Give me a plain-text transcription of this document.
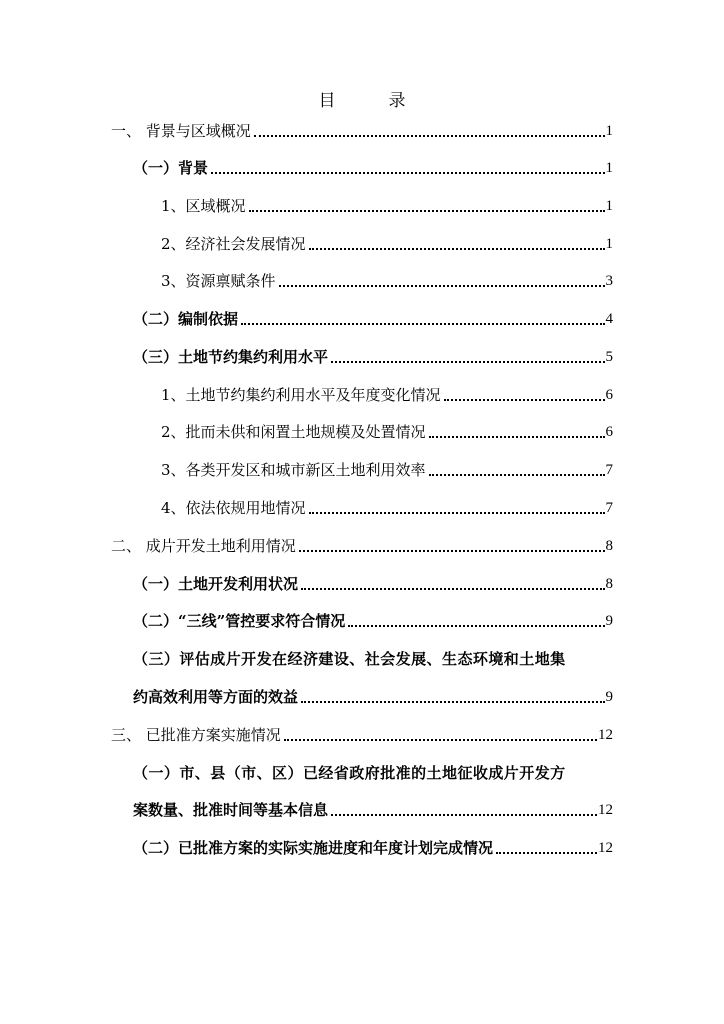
目　录
一、 背景与区域概况	1
（一）背景	1
1、区域概况	1
2、经济社会发展情况	1
3、资源禀赋条件	3
（二）编制依据	4
（三）土地节约集约利用水平	5
1、土地节约集约利用水平及年度变化情况	6
2、批而未供和闲置土地规模及处置情况	6
3、各类开发区和城市新区土地利用效率	7
4、依法依规用地情况	7
二、 成片开发土地利用情况	8
（一）土地开发利用状况	8
（二）“三线”管控要求符合情况	9
（三）评估成片开发在经济建设、社会发展、生态环境和土地集
约高效利用等方面的效益	9
三、 已批准方案实施情况	12
（一）市、县（市、区）已经省政府批准的土地征收成片开发方
案数量、批准时间等基本信息	12
（二）已批准方案的实际实施进度和年度计划完成情况	12
